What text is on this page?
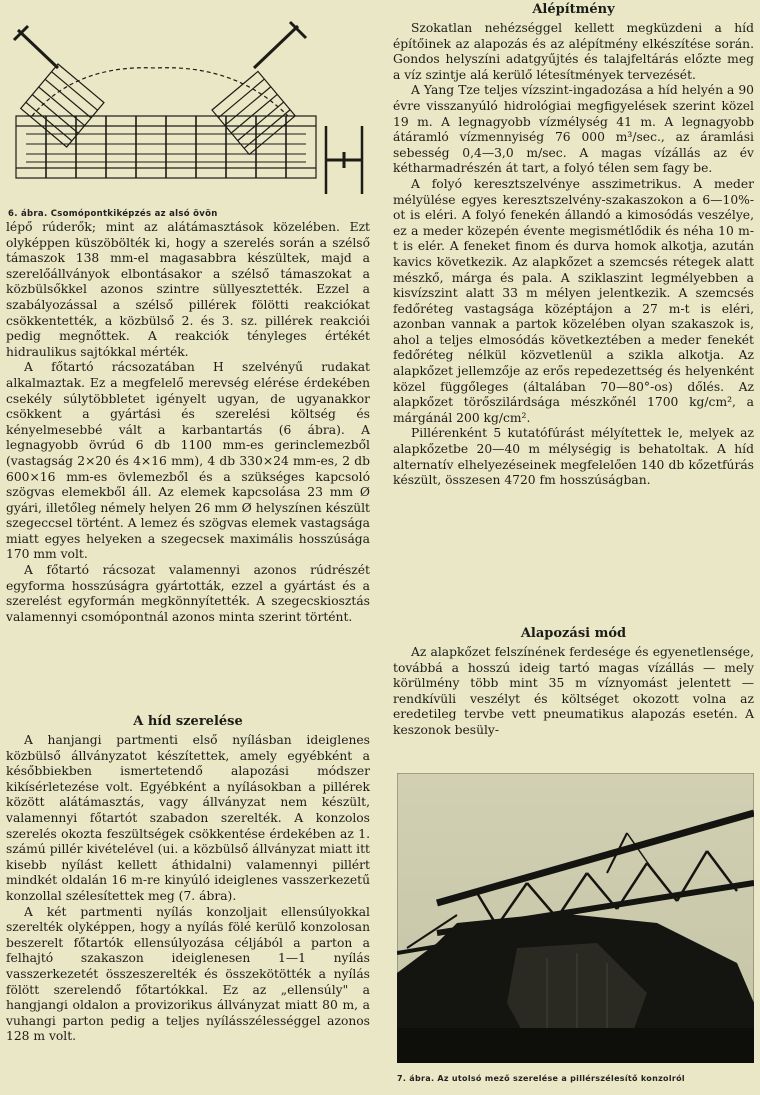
6. ábra. Csomópontkiképzés az alsó övön

lépő rúderők; mint az alátámasztások közelében. Ezt olyképpen küszöbölték ki, hogy a szerelés során a szélső támaszok 138 mm-el magasabbra készültek, majd a szerelőállványok elbontásakor a szélső támaszokat a közbülsőkkel azonos szintre süllyesztették. Ezzel a szabályozással a szélső pillérek fölötti reakciókat csökkentették, a közbülső 2. és 3. sz. pillérek reakciói pedig megnőttek. A reakciók tényleges értékét hidraulikus sajtókkal mérték.

A főtartó rácsozatában H szelvényű rudakat alkalmaztak. Ez a megfelelő merevség elérése érdekében csekély súlytöbbletet igényelt ugyan, de ugyanakkor csökkent a gyártási és szerelési költség és kényelmesebbé vált a karbantartás (6 ábra). A legnagyobb övrúd 6 db 1100 mm-es gerinclemezből (vastagság 2×20 és 4×16 mm), 4 db 330×24 mm-es, 2 db 600×16 mm-es övlemezből és a szükséges kapcsoló szögvas elemekből áll. Az elemek kapcsolása 23 mm Ø gyári, illetőleg némely helyen 26 mm Ø helyszínen készült szegeccsel történt. A lemez és szögvas elemek vastagsága miatt egyes helyeken a szegecsek maximális hosszúsága 170 mm volt.

A főtartó rácsozat valamennyi azonos rúdrészét egyforma hosszúságra gyártották, ezzel a gyártást és a szerelést egyformán megkönnyítették. A szegecskiosztás valamennyi csomópontnál azonos minta szerint történt.

A híd szerelése

A hanjangi partmenti első nyílásban ideiglenes közbülső állványzatot készítettek, amely egyébként a későbbiekben ismertetendő alapozási módszer kikísérletezése volt. Egyébként a nyílásokban a pillérek között alátámasztás, vagy állványzat nem készült, valamennyi főtartót szabadon szerelték. A konzolos szerelés okozta feszültségek csökkentése érdekében az 1. számú pillér kivételével (ui. a közbülső állványzat miatt itt kisebb nyílást kellett áthidalni) valamennyi pillért mindkét oldalán 16 m-re kinyúló ideiglenes vasszerkezetű konzollal szélesítettek meg (7. ábra).

A két partmenti nyílás konzoljait ellensúlyokkal szerelték olyképpen, hogy a nyílás fölé kerülő konzolosan beszerelt főtartók ellensúlyozása céljából a parton a felhajtó szakaszon ideiglenesen 1—1 nyílás vasszerkezetét összeszerelték és összekötötték a nyílás fölött szerelendő főtartókkal. Ez az „ellensúly" a hangjangi oldalon a provizorikus állványzat miatt 80 m, a vuhangi parton pedig a teljes nyílásszélességgel azonos 128 m volt.

Alépítmény

Szokatlan nehézséggel kellett megküzdeni a híd építőinek az alapozás és az alépítmény elkészítése során. Gondos helyszíni adatgyűjtés és talajfeltárás előzte meg a víz szintje alá kerülő létesítmények tervezését.

A Yang Tze teljes vízszint-ingadozása a híd helyén a 90 évre visszanyúló hidrológiai megfigyelések szerint közel 19 m. A legnagyobb vízmélység 41 m. A legnagyobb átáramló vízmennyiség 76 000 m³/sec., az áramlási sebesség 0,4—3,0 m/sec. A magas vízállás az év kétharmadrészén át tart, a folyó télen sem fagy be.

A folyó keresztszelvénye asszimetrikus. A meder mélyülése egyes keresztszelvény-szakaszokon a 6—10%-ot is eléri. A folyó fenekén állandó a kimosódás veszélye, ez a meder közepén évente megismétlődik és néha 10 m-t is elér. A feneket finom és durva homok alkotja, azután kavics következik. Az alapkőzet a szemcsés rétegek alatt mészkő, márga és pala. A sziklaszint legmélyebben a kisvízszint alatt 33 m mélyen jelentkezik. A szemcsés fedőréteg vastagsága középtájon a 27 m-t is eléri, azonban vannak a partok közelében olyan szakaszok is, ahol a teljes elmosódás következtében a meder fenekét fedőréteg nélkül közvetlenül a szikla alkotja. Az alapkőzet jellemzője az erős repedezettség és helyenként közel függőleges (általában 70—80°-os) dőlés. Az alapkőzet törőszilárdsága mészkőnél 1700 kg/cm², a márgánál 200 kg/cm².

Pillérenként 5 kutatófúrást mélyítettek le, melyek az alapkőzetbe 20—40 m mélységig is behatoltak. A híd alternatív elhelyezéseinek megfelelően 140 db kőzetfúrás készült, összesen 4720 fm hosszúságban.

Alapozási mód

Az alapkőzet felszínének ferdesége és egyenetlensége, továbbá a hosszú ideig tartó magas vízállás — mely körülmény több mint 35 m víznyomást jelentett — rendkívüli veszélyt és költséget okozott volna az eredetileg tervbe vett pneumatikus alapozás esetén. A keszonok besüly-

7. ábra. Az utolsó mező szerelése a pillérszélesítő konzolról
